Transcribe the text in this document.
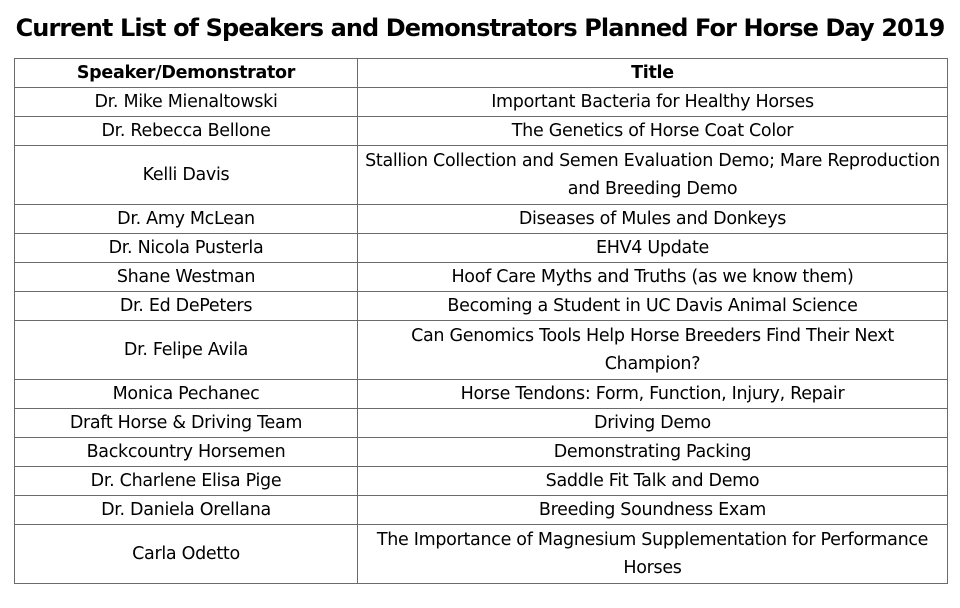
Current List of Speakers and Demonstrators Planned For Horse Day 2019
Speaker/Demonstrator	Title
Dr. Mike Mienaltowski	Important Bacteria for Healthy Horses
Dr. Rebecca Bellone	The Genetics of Horse Coat Color
Kelli Davis	Stallion Collection and Semen Evaluation Demo; Mare Reproduction and Breeding Demo
Dr. Amy McLean	Diseases of Mules and Donkeys
Dr. Nicola Pusterla	EHV4 Update
Shane Westman	Hoof Care Myths and Truths (as we know them)
Dr. Ed DePeters	Becoming a Student in UC Davis Animal Science
Dr. Felipe Avila	Can Genomics Tools Help Horse Breeders Find Their Next Champion?
Monica Pechanec	Horse Tendons: Form, Function, Injury, Repair
Draft Horse & Driving Team	Driving Demo
Backcountry Horsemen	Demonstrating Packing
Dr. Charlene Elisa Pige	Saddle Fit Talk and Demo
Dr. Daniela Orellana	Breeding Soundness Exam
Carla Odetto	The Importance of Magnesium Supplementation for Performance Horses
